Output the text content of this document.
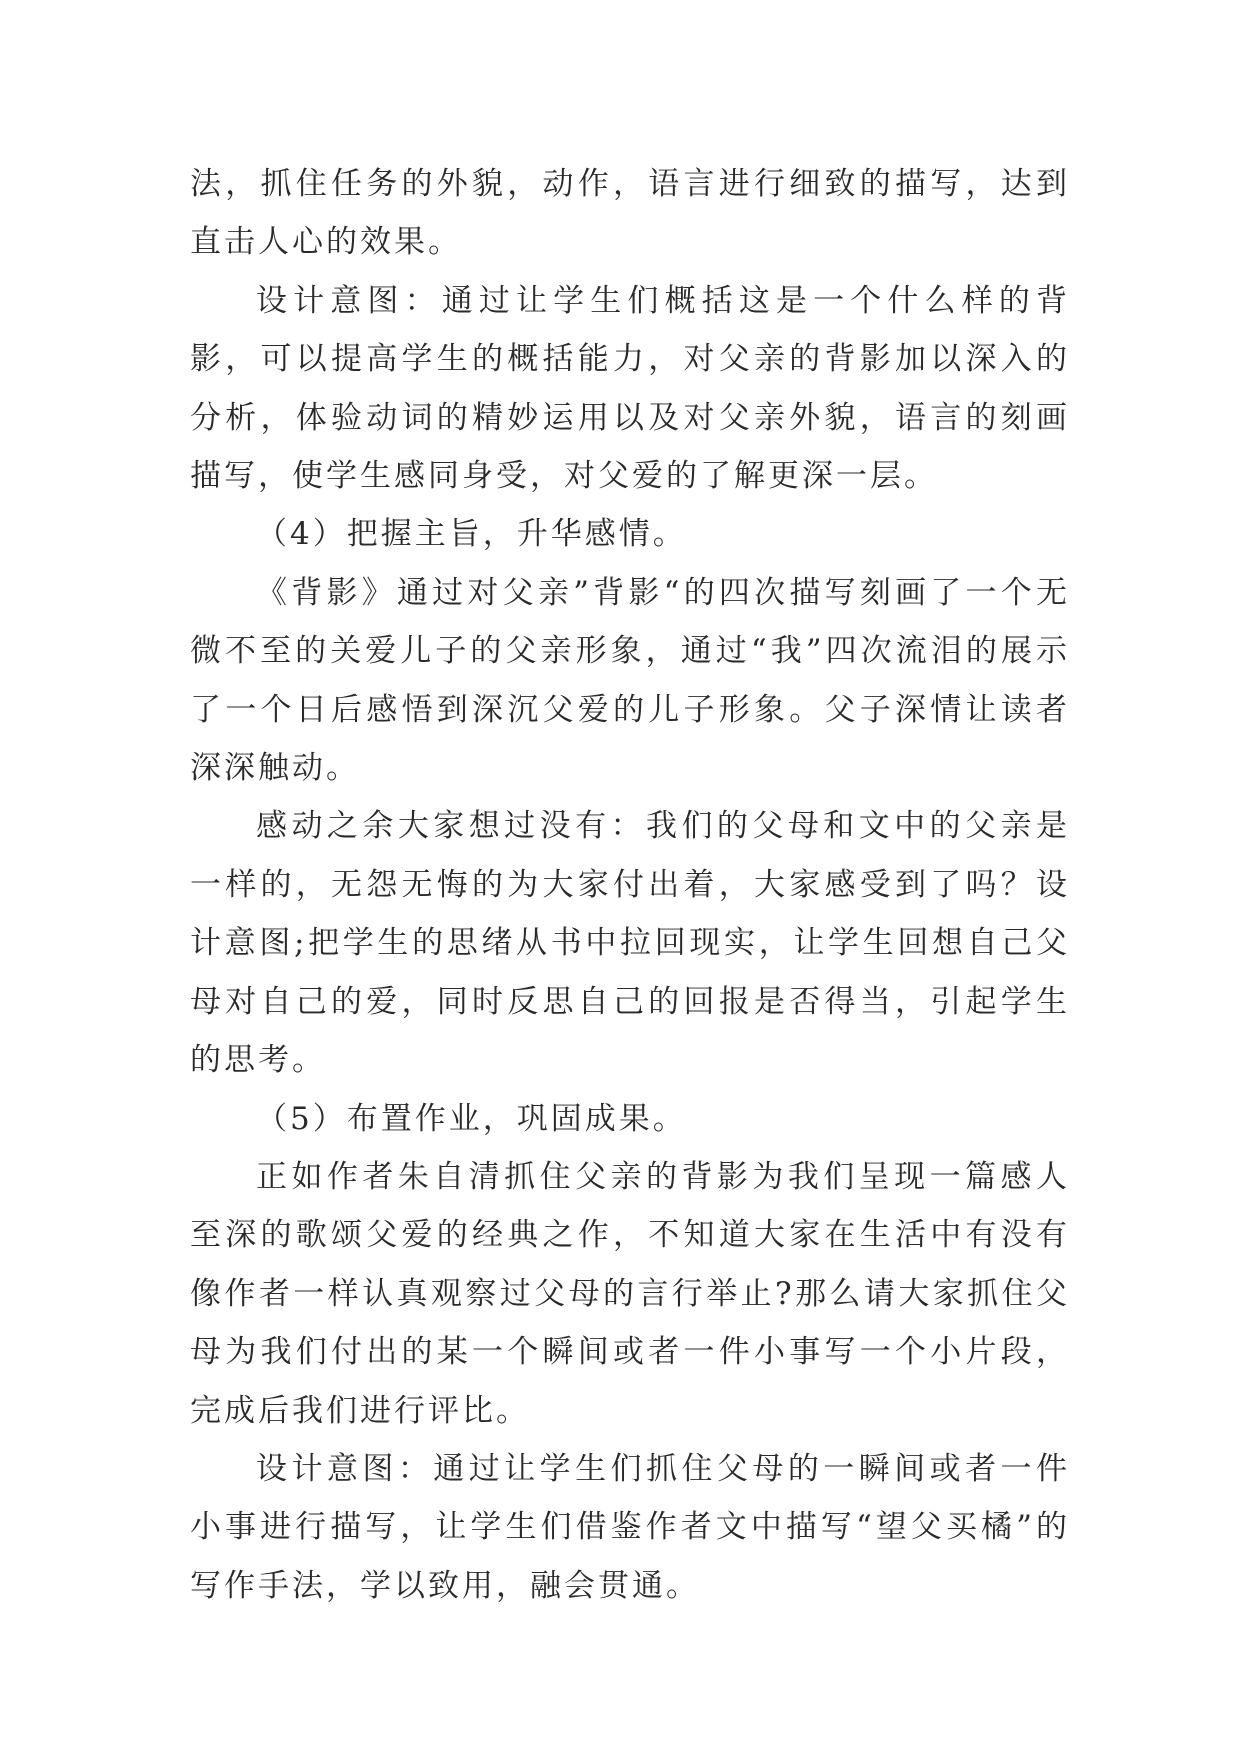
法，抓住任务的外貌，动作，语言进行细致的描写，达到直击人心的效果。

设计意图：通过让学生们概括这是一个什么样的背影，可以提高学生的概括能力，对父亲的背影加以深入的分析，体验动词的精妙运用以及对父亲外貌，语言的刻画描写，使学生感同身受，对父爱的了解更深一层。

（4）把握主旨，升华感情。

《背影》通过对父亲”背影“的四次描写刻画了一个无微不至的关爱儿子的父亲形象，通过“我”四次流泪的展示了一个日后感悟到深沉父爱的儿子形象。父子深情让读者深深触动。

感动之余大家想过没有：我们的父母和文中的父亲是一样的，无怨无悔的为大家付出着，大家感受到了吗？设计意图;把学生的思绪从书中拉回现实，让学生回想自己父母对自己的爱，同时反思自己的回报是否得当，引起学生的思考。

（5）布置作业，巩固成果。

正如作者朱自清抓住父亲的背影为我们呈现一篇感人至深的歌颂父爱的经典之作，不知道大家在生活中有没有像作者一样认真观察过父母的言行举止?那么请大家抓住父母为我们付出的某一个瞬间或者一件小事写一个小片段，完成后我们进行评比。

设计意图：通过让学生们抓住父母的一瞬间或者一件小事进行描写，让学生们借鉴作者文中描写“望父买橘”的写作手法，学以致用，融会贯通。
